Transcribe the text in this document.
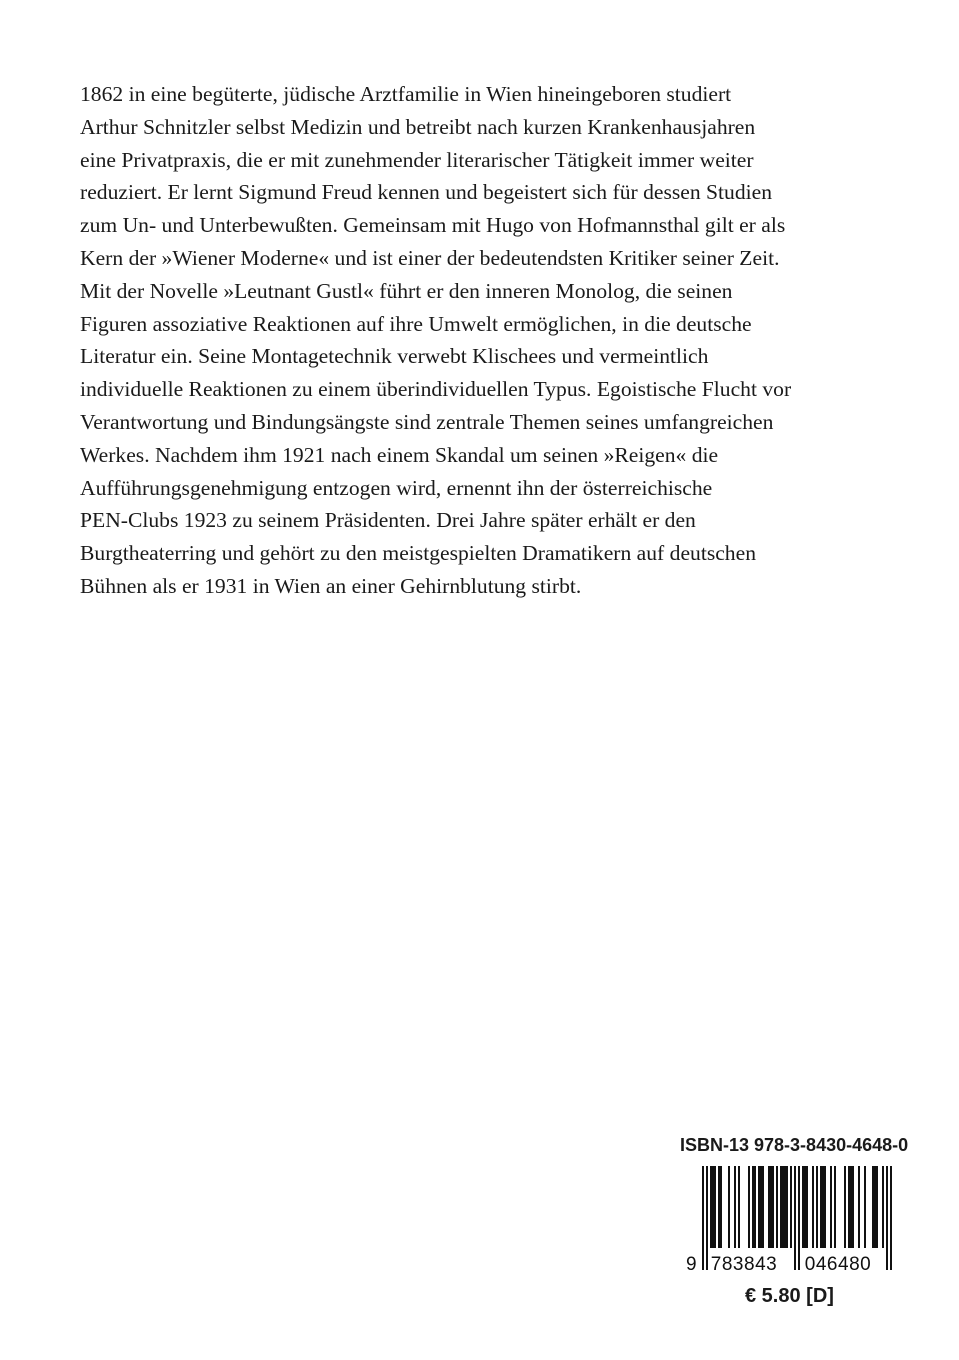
1862 in eine begüterte, jüdische Arztfamilie in Wien hineingeboren studiert
Arthur Schnitzler selbst Medizin und betreibt nach kurzen Krankenhausjahren
eine Privatpraxis, die er mit zunehmender literarischer Tätigkeit immer weiter
reduziert. Er lernt Sigmund Freud kennen und begeistert sich für dessen Studien
zum Un- und Unterbewußten. Gemeinsam mit Hugo von Hofmannsthal gilt er als
Kern der »Wiener Moderne« und ist einer der bedeutendsten Kritiker seiner Zeit.
Mit der Novelle »Leutnant Gustl« führt er den inneren Monolog, die seinen
Figuren assoziative Reaktionen auf ihre Umwelt ermöglichen, in die deutsche
Literatur ein. Seine Montagetechnik verwebt Klischees und vermeintlich
individuelle Reaktionen zu einem überindividuellen Typus. Egoistische Flucht vor
Verantwortung und Bindungsängste sind zentrale Themen seines umfangreichen
Werkes. Nachdem ihm 1921 nach einem Skandal um seinen »Reigen« die
Aufführungsgenehmigung entzogen wird, ernennt ihn der österreichische
PEN-Clubs 1923 zu seinem Präsidenten. Drei Jahre später erhält er den
Burgtheaterring und gehört zu den meistgespielten Dramatikern auf deutschen
Bühnen als er 1931 in Wien an einer Gehirnblutung stirbt.
ISBN-13 978-3-8430-4648-0
9 783843 046480
€ 5.80 [D]
